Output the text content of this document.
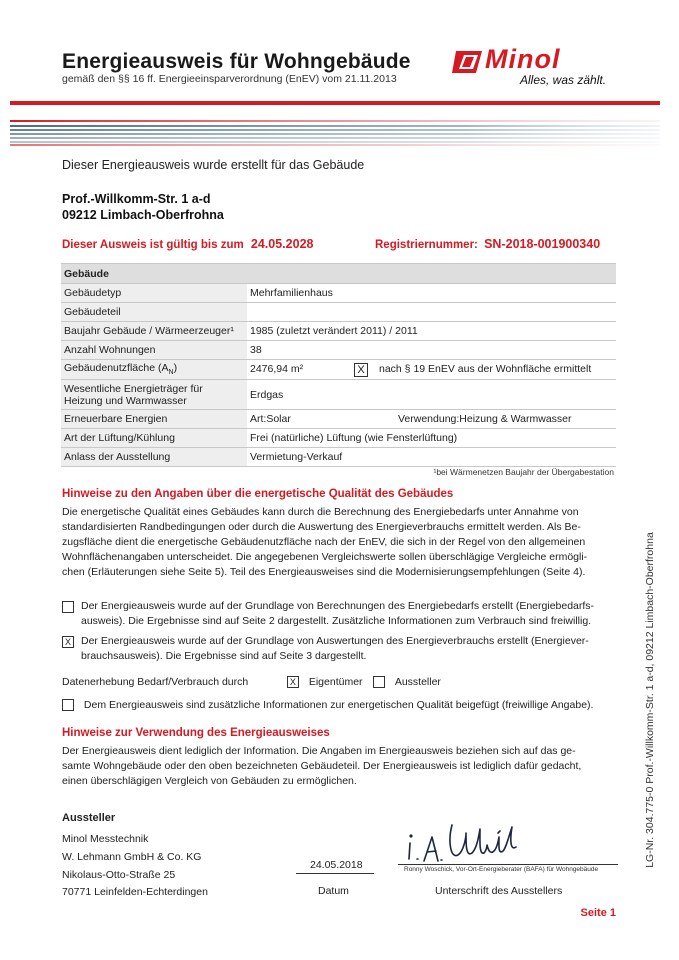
Energieausweis für Wohngebäude
gemäß den §§ 16 ff. Energieeinsparverordnung (EnEV) vom 21.11.2013
Minol
Alles, was zählt.
Dieser Energieausweis wurde erstellt für das Gebäude
Prof.-Willkomm-Str. 1 a-d
09212 Limbach-Oberfrohna
Dieser Ausweis ist gültig bis zum 24.05.2028	Registriernummer: SN-2018-001900340
Gebäude	
Gebäudetyp	Mehrfamilienhaus
Gebäudeteil	
Baujahr Gebäude / Wärmeerzeuger¹	1985 (zuletzt verändert 2011) / 2011
Anzahl Wohnungen	38
Gebäudenutzfläche $(A_N)$	2476,94 m² X nach § 19 EnEV aus der Wohnfläche ermittelt

Wesentliche Energieträger für
Heizung und Warmwasser	Erdgas
Erneuerbare Energien	Art:Solar Verwendung:Heizung & Warmwasser

Art der Lüftung/Kühlung	Frei (natürliche) Lüftung (wie Fensterlüftung)
Anlass der Ausstellung	Vermietung-Verkauf
¹bei Wärmenetzen Baujahr der Übergabestation
Hinweise zu den Angaben über die energetische Qualität des Gebäudes
Die energetische Qualität eines Gebäudes kann durch die Berechnung des Energiebedarfs unter Annahme von
standardisierten Randbedingungen oder durch die Auswertung des Energieverbrauchs ermittelt werden. Als Be-
zugsfläche dient die energetische Gebäudenutzfläche nach der EnEV, die sich in der Regel von den allgemeinen
Wohnflächenangaben unterscheidet. Die angegebenen Vergleichswerte sollen überschlägige Vergleiche ermögli-
chen (Erläuterungen siehe Seite 5). Teil des Energieausweises sind die Modernisierungsempfehlungen (Seite 4).
Der Energieausweis wurde auf der Grundlage von Berechnungen des Energiebedarfs erstellt (Energiebedarfs-
ausweis). Die Ergebnisse sind auf Seite 2 dargestellt. Zusätzliche Informationen zum Verbrauch sind freiwillig.
X Der Energieausweis wurde auf der Grundlage von Auswertungen des Energieverbrauchs erstellt (Energiever-
brauchsausweis). Die Ergebnisse sind auf Seite 3 dargestellt.
Datenerhebung Bedarf/Verbrauch durch	X Eigentümer	Aussteller
Dem Energieausweis sind zusätzliche Informationen zur energetischen Qualität beigefügt (freiwillige Angabe).
Hinweise zur Verwendung des Energieausweises
Der Energieausweis dient lediglich der Information. Die Angaben im Energieausweis beziehen sich auf das ge-
samte Wohngebäude oder den oben bezeichneten Gebäudeteil. Der Energieausweis ist lediglich dafür gedacht,
einen überschlägigen Vergleich von Gebäuden zu ermöglichen.
Aussteller
Minol Messtechnik
W. Lehmann GmbH & Co. KG
Nikolaus-Otto-Straße 25
70771 Leinfelden-Echterdingen
24.05.2018
Datum
Ronny Woschick, Vor-Ort-Energieberater (BAFA) für Wohngebäude
Unterschrift des Ausstellers
Seite 1
LG-Nr. 304.775-0 Prof.-Willkomm-Str. 1 a-d, 09212 Limbach-Oberfrohna
